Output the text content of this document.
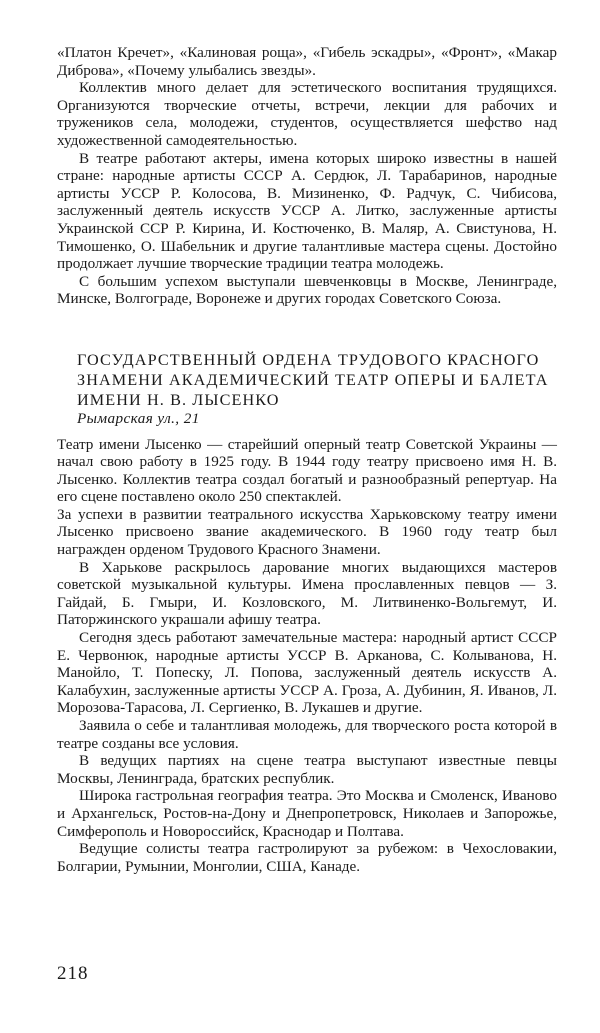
«Платон Кречет», «Калиновая роща», «Гибель эскадры», «Фронт», «Макар Диброва», «Почему улыбались звезды».

Коллектив много делает для эстетического воспитания трудящихся. Организуются творческие отчеты, встречи, лекции для рабочих и тружеников села, молодежи, студентов, осуществляется шефство над художественной самодеятельностью.

В театре работают актеры, имена которых широко известны в нашей стране: народные артисты СССР А. Сердюк, Л. Тарабаринов, народные артисты УССР Р. Колосова, В. Мизиненко, Ф. Радчук, С. Чибисова, заслуженный деятель искусств УССР А. Литко, заслуженные артисты Украинской ССР Р. Кирина, И. Костюченко, В. Маляр, А. Свистунова, Н. Тимошенко, О. Шабельник и другие талантливые мастера сцены. Достойно продолжает лучшие творческие традиции театра молодежь.

С большим успехом выступали шевченковцы в Москве, Ленинграде, Минске, Волгограде, Воронеже и других городах Советского Союза.

ГОСУДАРСТВЕННЫЙ ОРДЕНА ТРУДОВОГО КРАСНОГО ЗНАМЕНИ АКАДЕМИЧЕСКИЙ ТЕАТР ОПЕРЫ И БАЛЕТА ИМЕНИ Н. В. ЛЫСЕНКО

Рымарская ул., 21

Театр имени Лысенко — старейший оперный театр Советской Украины — начал свою работу в 1925 году. В 1944 году театру присвоено имя Н. В. Лысенко. Коллектив театра создал богатый и разнообразный репертуар. На его сцене поставлено около 250 спектаклей.

За успехи в развитии театрального искусства Харьковскому театру имени Лысенко присвоено звание академического. В 1960 году театр был награжден орденом Трудового Красного Знамени.

В Харькове раскрылось дарование многих выдающихся мастеров советской музыкальной культуры. Имена прославленных певцов — З. Гайдай, Б. Гмыри, И. Козловского, М. Литвиненко-Вольгемут, И. Паторжинского украшали афишу театра.

Сегодня здесь работают замечательные мастера: народный артист СССР Е. Червонюк, народные артисты УССР В. Арканова, С. Колыванова, Н. Манойло, Т. Попеску, Л. Попова, заслуженный деятель искусств А. Калабухин, заслуженные артисты УССР А. Гроза, А. Дубинин, Я. Иванов, Л. Морозова-Тарасова, Л. Сергиенко, В. Лукашев и другие.

Заявила о себе и талантливая молодежь, для творческого роста которой в театре созданы все условия.

В ведущих партиях на сцене театра выступают известные певцы Москвы, Ленинграда, братских республик.

Широка гастрольная география театра. Это Москва и Смоленск, Иваново и Архангельск, Ростов-на-Дону и Днепропетровск, Николаев и Запорожье, Симферополь и Новороссийск, Краснодар и Полтава.

Ведущие солисты театра гастролируют за рубежом: в Чехословакии, Болгарии, Румынии, Монголии, США, Канаде.

218
